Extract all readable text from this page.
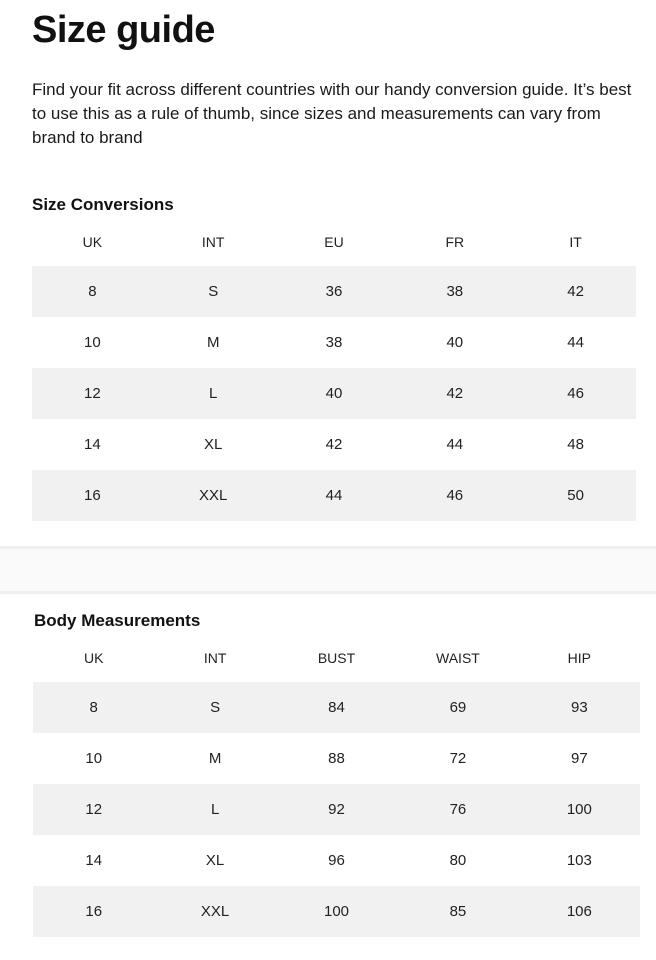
Size guide

Find your fit across different countries with our handy conversion guide. It’s best to use this as a rule of thumb, since sizes and measurements can vary from brand to brand

Size Conversions
UK	INT	EU	FR	IT
8	S	36	38	42
10	M	38	40	44
12	L	40	42	46
14	XL	42	44	48
16	XXL	44	46	50
Body Measurements
UK	INT	BUST	WAIST	HIP
8	S	84	69	93
10	M	88	72	97
12	L	92	76	100
14	XL	96	80	103
16	XXL	100	85	106
